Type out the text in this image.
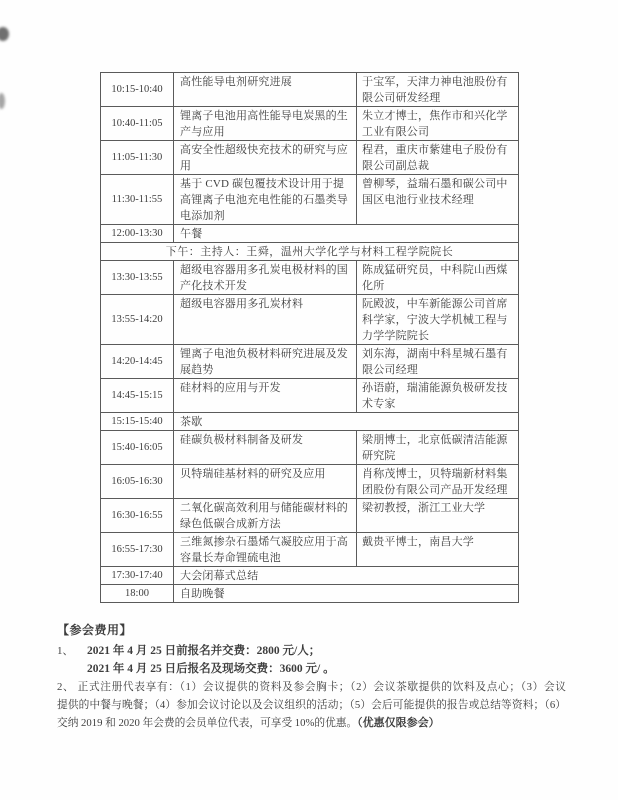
10:15-10:40	高性能导电剂研究进展	于宝军，天津力神电池股份有限公司研发经理
10:40-11:05	锂离子电池用高性能导电炭黑的生产与应用	朱立才博士，焦作市和兴化学工业有限公司
11:05-11:30	高安全性超级快充技术的研究与应用	程君，重庆市紫建电子股份有限公司副总裁
11:30-11:55	基于 CVD 碳包覆技术设计用于提高锂离子电池充电性能的石墨类导电添加剂	曾柳琴，益瑞石墨和碳公司中国区电池行业技术经理
12:00-13:30	午餐	
下午：主持人：王舜，温州大学化学与材料工程学院院长		
13:30-13:55	超级电容器用多孔炭电极材料的国产化技术开发	陈成猛研究员，中科院山西煤化所
13:55-14:20	超级电容器用多孔炭材料	阮殿波，中车新能源公司首席科学家，宁波大学机械工程与力学学院院长
14:20-14:45	锂离子电池负极材料研究进展及发展趋势	刘东海，湖南中科星城石墨有限公司经理
14:45-15:15	硅材料的应用与开发	孙语蔚，瑞浦能源负极研发技术专家
15:15-15:40	茶歇	
15:40-16:05	硅碳负极材料制备及研发	梁朋博士，北京低碳清洁能源研究院
16:05-16:30	贝特瑞硅基材料的研究及应用	肖称茂博士，贝特瑞新材料集团股份有限公司产品开发经理
16:30-16:55	二氧化碳高效利用与储能碳材料的绿色低碳合成新方法	梁初教授，浙江工业大学
16:55-17:30	三维氮掺杂石墨烯气凝胶应用于高容量长寿命锂硫电池	戴贵平博士，南昌大学
17:30-17:40	大会闭幕式总结	
18:00	自助晚餐	
【参会费用】
1、	2021 年 4 月 25 日前报名并交费：2800 元/人；
2021 年 4 月 25 日后报名及现场交费：3600 元/ 。
2、 正式注册代表享有：（1）会议提供的资料及参会胸卡；（2）会议茶歇提供的饮料及点心；（3）会议
提供的中餐与晚餐；（4）参加会议讨论以及会议组织的活动；（5）会后可能提供的报告或总结等资料；（6）
交纳 2019 和 2020 年会费的会员单位代表，可享受 10%的优惠。（优惠仅限参会）
